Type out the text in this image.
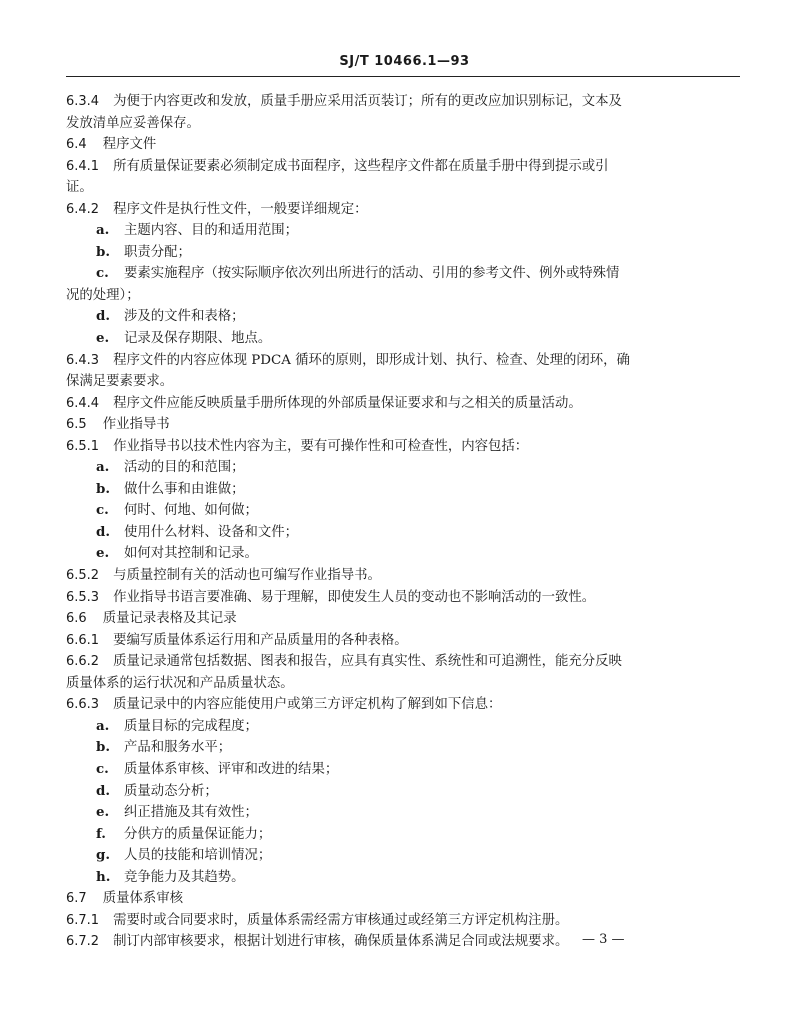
SJ/T 10466.1—93
6.3.4 为便于内容更改和发放，质量手册应采用活页装订；所有的更改应加识别标记，文本及
发放清单应妥善保存。
6.4 程序文件
6.4.1 所有质量保证要素必须制定成书面程序，这些程序文件都在质量手册中得到提示或引
证。
6.4.2 程序文件是执行性文件，一般要详细规定：
a. 主题内容、目的和适用范围；
b. 职责分配；
c. 要素实施程序（按实际顺序依次列出所进行的活动、引用的参考文件、例外或特殊情
况的处理）；
d. 涉及的文件和表格；
e. 记录及保存期限、地点。
6.4.3 程序文件的内容应体现 PDCA 循环的原则，即形成计划、执行、检查、处理的闭环，确
保满足要素要求。
6.4.4 程序文件应能反映质量手册所体现的外部质量保证要求和与之相关的质量活动。
6.5 作业指导书
6.5.1 作业指导书以技术性内容为主，要有可操作性和可检查性，内容包括：
a. 活动的目的和范围；
b. 做什么事和由谁做；
c. 何时、何地、如何做；
d. 使用什么材料、设备和文件；
e. 如何对其控制和记录。
6.5.2 与质量控制有关的活动也可编写作业指导书。
6.5.3 作业指导书语言要准确、易于理解，即使发生人员的变动也不影响活动的一致性。
6.6 质量记录表格及其记录
6.6.1 要编写质量体系运行用和产品质量用的各种表格。
6.6.2 质量记录通常包括数据、图表和报告，应具有真实性、系统性和可追溯性，能充分反映
质量体系的运行状况和产品质量状态。
6.6.3 质量记录中的内容应能使用户或第三方评定机构了解到如下信息：
a. 质量目标的完成程度；
b. 产品和服务水平；
c. 质量体系审核、评审和改进的结果；
d. 质量动态分析；
e. 纠正措施及其有效性；
f. 分供方的质量保证能力；
g. 人员的技能和培训情况；
h. 竞争能力及其趋势。
6.7 质量体系审核
6.7.1 需要时或合同要求时，质量体系需经需方审核通过或经第三方评定机构注册。
6.7.2 制订内部审核要求，根据计划进行审核，确保质量体系满足合同或法规要求。	— 3 —
